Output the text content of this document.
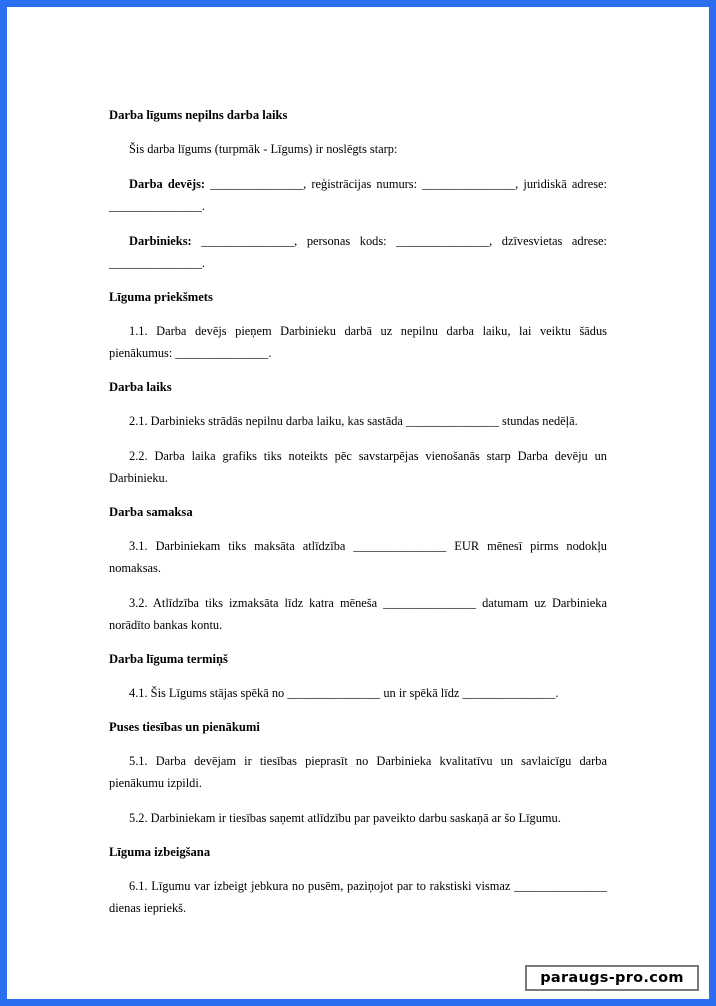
Darba līgums nepilns darba laiks

Šis darba līgums (turpmāk - Līgums) ir noslēgts starp:

Darba devējs: _______________, reģistrācijas numurs: _______________, juridiskā adrese: _______________.

Darbinieks: _______________, personas kods: _______________, dzīvesvietas adrese: _______________.

Līguma priekšmets

1.1. Darba devējs pieņem Darbinieku darbā uz nepilnu darba laiku, lai veiktu šādus pienākumus: _______________.

Darba laiks

2.1. Darbinieks strādās nepilnu darba laiku, kas sastāda _______________ stundas nedēļā.

2.2. Darba laika grafiks tiks noteikts pēc savstarpējas vienošanās starp Darba devēju un Darbinieku.

Darba samaksa

3.1. Darbiniekam tiks maksāta atlīdzība _______________ EUR mēnesī pirms nodokļu nomaksas.

3.2. Atlīdzība tiks izmaksāta līdz katra mēneša _______________ datumam uz Darbinieka norādīto bankas kontu.

Darba līguma termiņš

4.1. Šis Līgums stājas spēkā no _______________ un ir spēkā līdz _______________.

Puses tiesības un pienākumi

5.1. Darba devējam ir tiesības pieprasīt no Darbinieka kvalitatīvu un savlaicīgu darba pienākumu izpildi.

5.2. Darbiniekam ir tiesības saņemt atlīdzību par paveikto darbu saskaņā ar šo Līgumu.

Līguma izbeigšana

6.1. Līgumu var izbeigt jebkura no pusēm, paziņojot par to rakstiski vismaz _______________ dienas iepriekš.

paraugs-pro.com
